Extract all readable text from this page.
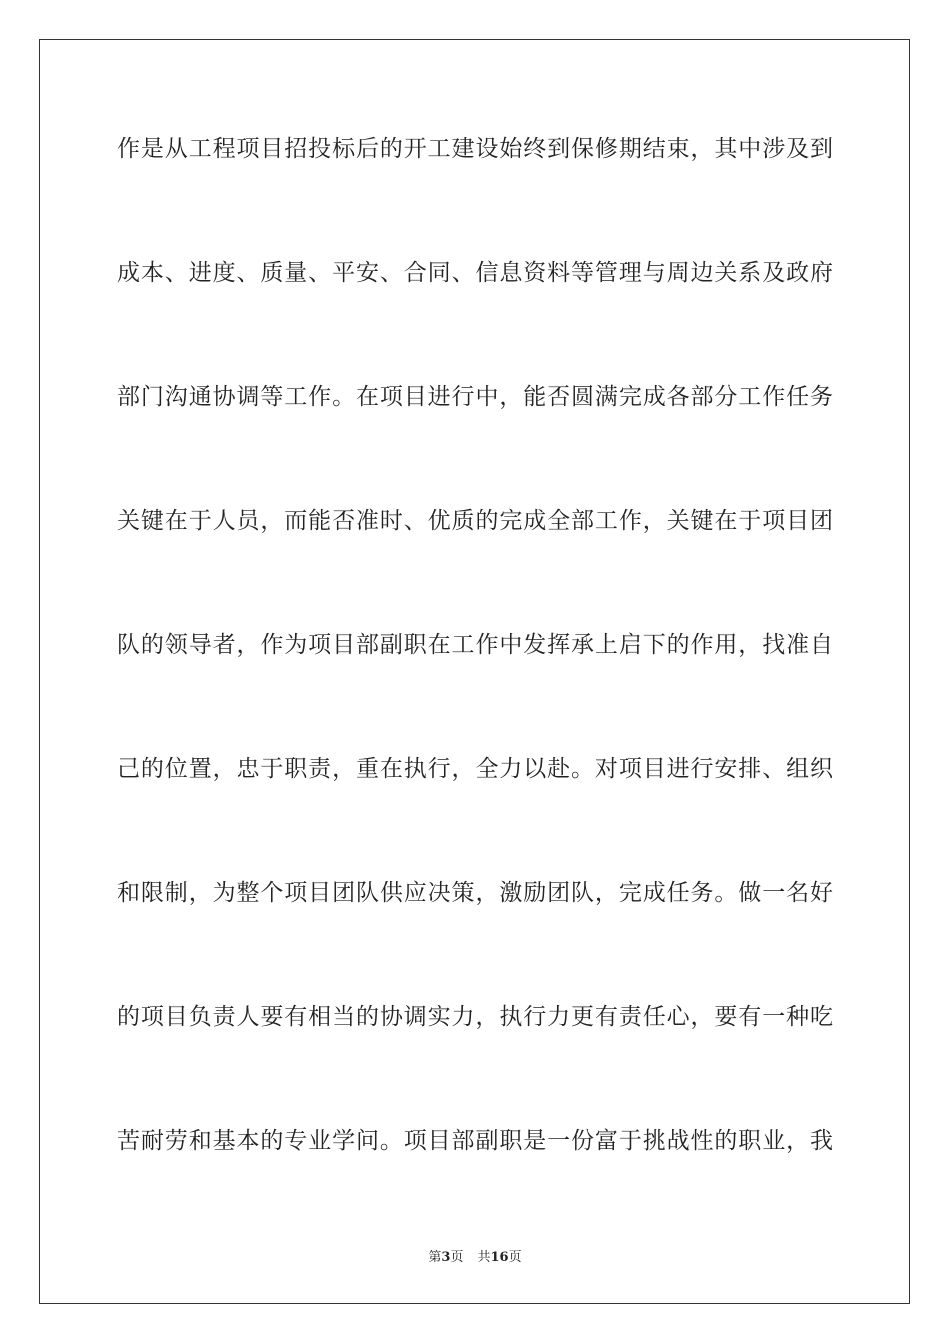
作是从工程项目招投标后的开工建设始终到保修期结束，其中涉及到
成本、进度、质量、平安、合同、信息资料等管理与周边关系及政府
部门沟通协调等工作。在项目进行中，能否圆满完成各部分工作任务
关键在于人员，而能否准时、优质的完成全部工作，关键在于项目团
队的领导者，作为项目部副职在工作中发挥承上启下的作用，找准自
己的位置，忠于职责，重在执行，全力以赴。对项目进行安排、组织
和限制，为整个项目团队供应决策，激励团队，完成任务。做一名好
的项目负责人要有相当的协调实力，执行力更有责任心，要有一种吃
苦耐劳和基本的专业学问。项目部副职是一份富于挑战性的职业，我
第3页 共16页
